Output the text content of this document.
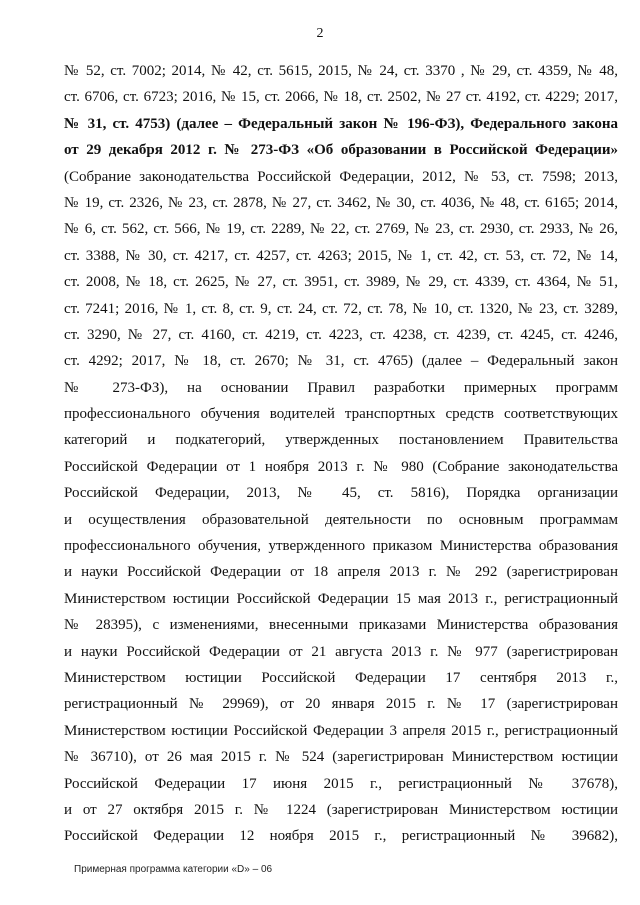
2
№ 52, ст. 7002; 2014, № 42, ст. 5615, 2015, № 24, ст. 3370 , № 29, ст. 4359, № 48,
ст. 6706, ст. 6723; 2016, № 15, ст. 2066, № 18, ст. 2502, № 27 ст. 4192, ст. 4229; 2017,
№ 31, ст. 4753) (далее – Федеральный закон № 196-ФЗ), Федерального закона
от 29 декабря 2012 г. № 273-ФЗ «Об образовании в Российской Федерации»
(Собрание законодательства Российской Федерации, 2012, № 53, ст. 7598; 2013,
№ 19, ст. 2326, № 23, ст. 2878, № 27, ст. 3462, № 30, ст. 4036, № 48, ст. 6165; 2014,
№ 6, ст. 562, ст. 566, № 19, ст. 2289, № 22, ст. 2769, № 23, ст. 2930, ст. 2933, № 26,
ст. 3388, № 30, ст. 4217, ст. 4257, ст. 4263; 2015, № 1, ст. 42, ст. 53, ст. 72, № 14,
ст. 2008, № 18, ст. 2625, № 27, ст. 3951, ст. 3989, № 29, ст. 4339, ст. 4364, № 51,
ст. 7241; 2016, № 1, ст. 8, ст. 9, ст. 24, ст. 72, ст. 78, № 10, ст. 1320, № 23, ст. 3289,
ст. 3290, № 27, ст. 4160, ст. 4219, ст. 4223, ст. 4238, ст. 4239, ст. 4245, ст. 4246,
ст. 4292; 2017, № 18, ст. 2670; № 31, ст. 4765) (далее – Федеральный закон
№ 273-ФЗ), на основании Правил разработки примерных программ
профессионального обучения водителей транспортных средств соответствующих
категорий и подкатегорий, утвержденных постановлением Правительства
Российской Федерации от 1 ноября 2013 г. № 980 (Собрание законодательства
Российской Федерации, 2013, № 45, ст. 5816), Порядка организации
и осуществления образовательной деятельности по основным программам
профессионального обучения, утвержденного приказом Министерства образования
и науки Российской Федерации от 18 апреля 2013 г. № 292 (зарегистрирован
Министерством юстиции Российской Федерации 15 мая 2013 г., регистрационный
№ 28395), с изменениями, внесенными приказами Министерства образования
и науки Российской Федерации от 21 августа 2013 г. № 977 (зарегистрирован
Министерством юстиции Российской Федерации 17 сентября 2013 г.,
регистрационный № 29969), от 20 января 2015 г. № 17 (зарегистрирован
Министерством юстиции Российской Федерации 3 апреля 2015 г., регистрационный
№ 36710), от 26 мая 2015 г. № 524 (зарегистрирован Министерством юстиции
Российской Федерации 17 июня 2015 г., регистрационный № 37678),
и от 27 октября 2015 г. № 1224 (зарегистрирован Министерством юстиции
Российской Федерации 12 ноября 2015 г., регистрационный № 39682),
Примерная программа категории «D» – 06
